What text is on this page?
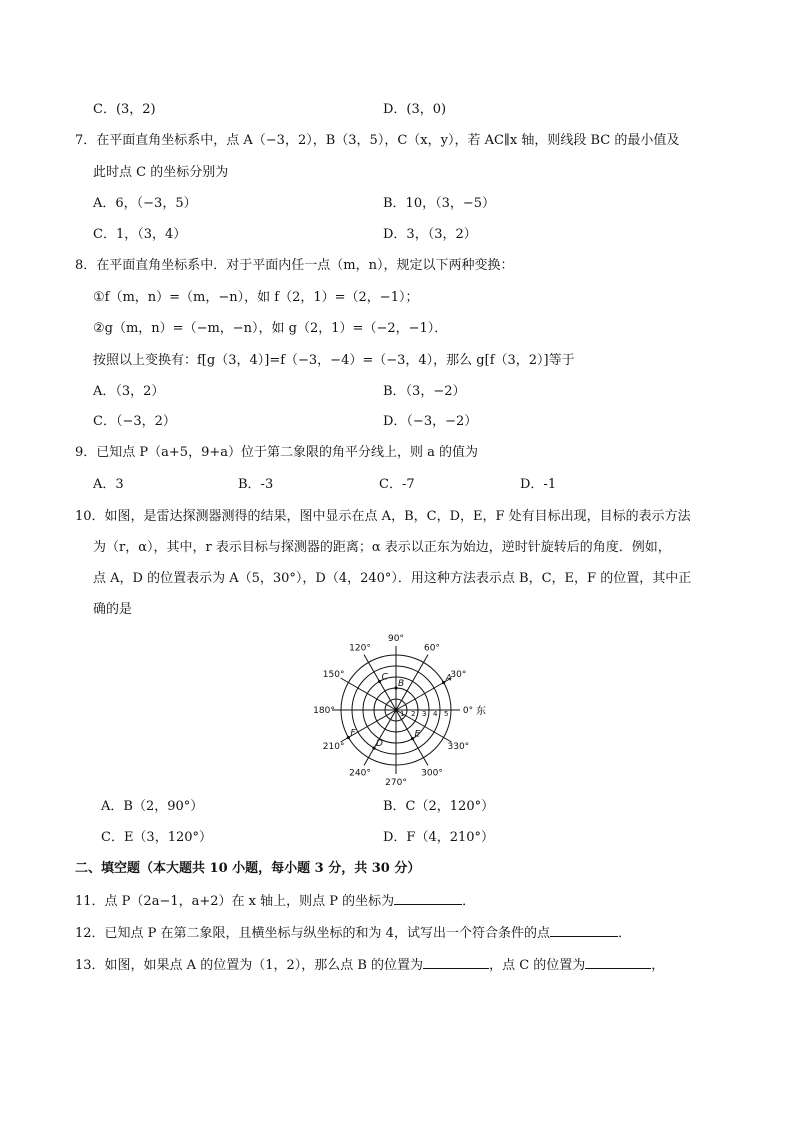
C．(3，2)	D．(3，0)
7．在平面直角坐标系中，点 A（−3，2），B（3，5），C（x，y），若 AC∥x 轴，则线段 BC 的最小值及
此时点 C 的坐标分别为
A．6，（−3，5）	B．10，（3，−5）
C．1，（3，4）	D．3，（3，2）
8．在平面直角坐标系中．对于平面内任一点（m，n），规定以下两种变换：
①f（m，n）=（m，−n），如 f（2，1）=（2，−1）；
②g（m，n）=（−m，−n），如 g（2，1）=（−2，−1）．
按照以上变换有：f[g（3，4）]=f（−3，−4）=（−3，4），那么 g[f（3，2）]等于
A．（3，2）	B．（3，−2）
C．（−3，2）	D．（−3，−2）
9．已知点 P（a+5，9+a）位于第二象限的角平分线上，则 a 的值为
A．3	B．-3	C．-7	D．-1
10．如图，是雷达探测器测得的结果，图中显示在点 A，B，C，D，E，F 处有目标出现，目标的表示方法
为（r，α），其中，r 表示目标与探测器的距离；α 表示以正东为始边，逆时针旋转后的角度．例如，
点 A，D 的位置表示为 A（5，30°），D（4，240°）．用这种方法表示点 B，C，E，F 的位置，其中正
确的是
0°
30°
60°
90°
120°
150°
180°
210°
240°
270°
300°
330°
1 2 3 4 5
A
B
C
D
E
F
东
A．B（2，90°）	B．C（2，120°）
C．E（3，120°）	D．F（4，210°）
二、填空题（本大题共 10 小题，每小题 3 分，共 30 分）
11．点 P（2a−1，a+2）在 x 轴上，则点 P 的坐标为	．
12．已知点 P 在第二象限，且横坐标与纵坐标的和为 4，试写出一个符合条件的点	．
13．如图，如果点 A 的位置为（1，2），那么点 B 的位置为	，点 C 的位置为	，
